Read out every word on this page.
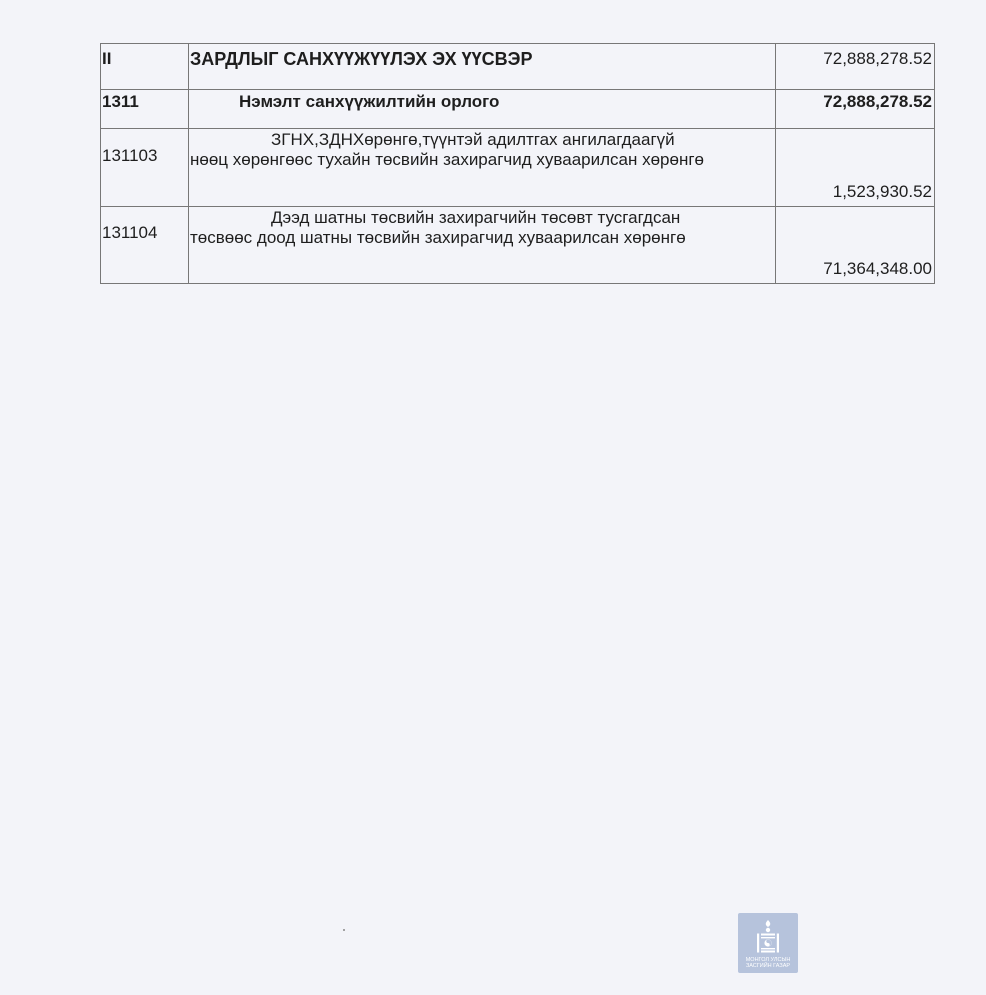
II	ЗАРДЛЫГ САНХҮҮЖҮҮЛЭХ ЭХ ҮҮСВЭР	72,888,278.52
1311	Нэмэлт санхүүжилтийн орлого	72,888,278.52
131103	ЗГНХ,ЗДНХөрөнгө,түүнтэй адилтгах ангилагдаагүй
нөөц хөрөнгөөс тухайн төсвийн захирагчид хуваарилсан хөрөнгө	1,523,930.52
131104	Дээд шатны төсвийн захирагчийн төсөвт тусгагдсан
төсвөөс доод шатны төсвийн захирагчид хуваарилсан хөрөнгө	71,364,348.00
МОНГОЛ УЛСЫН
ЗАСГИЙН ГАЗАР
